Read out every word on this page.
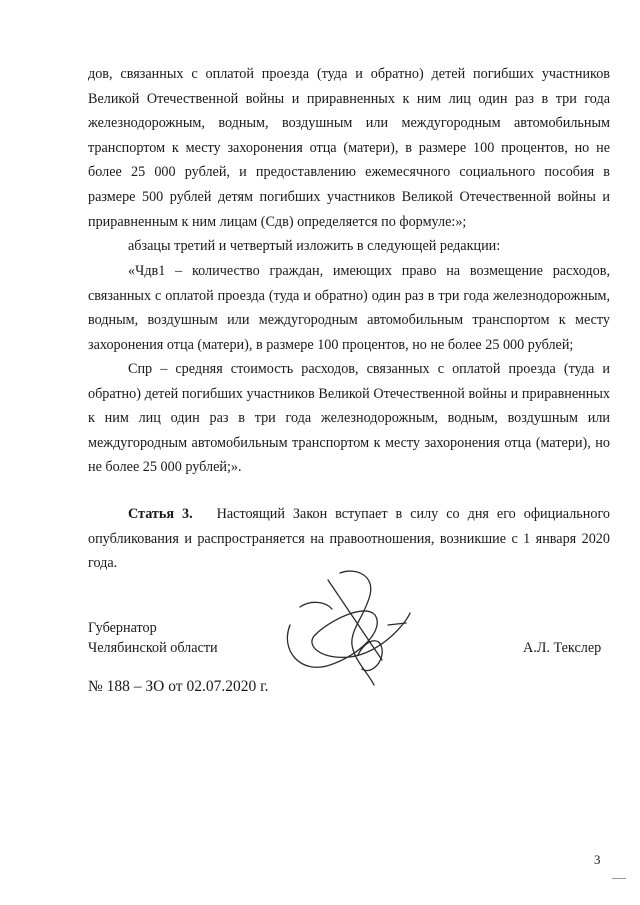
дов, связанных с оплатой проезда (туда и обратно) детей погибших участников Великой Отечественной войны и приравненных к ним лиц один раз в три года железнодорожным, водным, воздушным или междугородным автомобильным транспортом к месту захоронения отца (матери), в размере 100 процентов, но не более 25 000 рублей, и предоставлению ежемесячного социального пособия в размере 500 рублей детям погибших участников Великой Отечественной войны и приравненным к ним лицам (Сдв) определяется по формуле:»;

абзацы третий и четвертый изложить в следующей редакции:

«Чдв1 – количество граждан, имеющих право на возмещение расходов, связанных с оплатой проезда (туда и обратно) один раз в три года железнодорожным, водным, воздушным или междугородным автомобильным транспортом к месту захоронения отца (матери), в размере 100 процентов, но не более 25 000 рублей;

Спр – средняя стоимость расходов, связанных с оплатой проезда (туда и обратно) детей погибших участников Великой Отечественной войны и приравненных к ним лиц один раз в три года железнодорожным, водным, воздушным или междугородным автомобильным транспортом к месту захоронения отца (матери), но не более 25 000 рублей;».

Статья 3. Настоящий Закон вступает в силу со дня его официального опубликования и распространяется на правоотношения, возникшие с 1 января 2020 года.

Губернатор
Челябинской области	А.Л. Текслер
№ 188 – ЗО от 02.07.2020 г.
3
